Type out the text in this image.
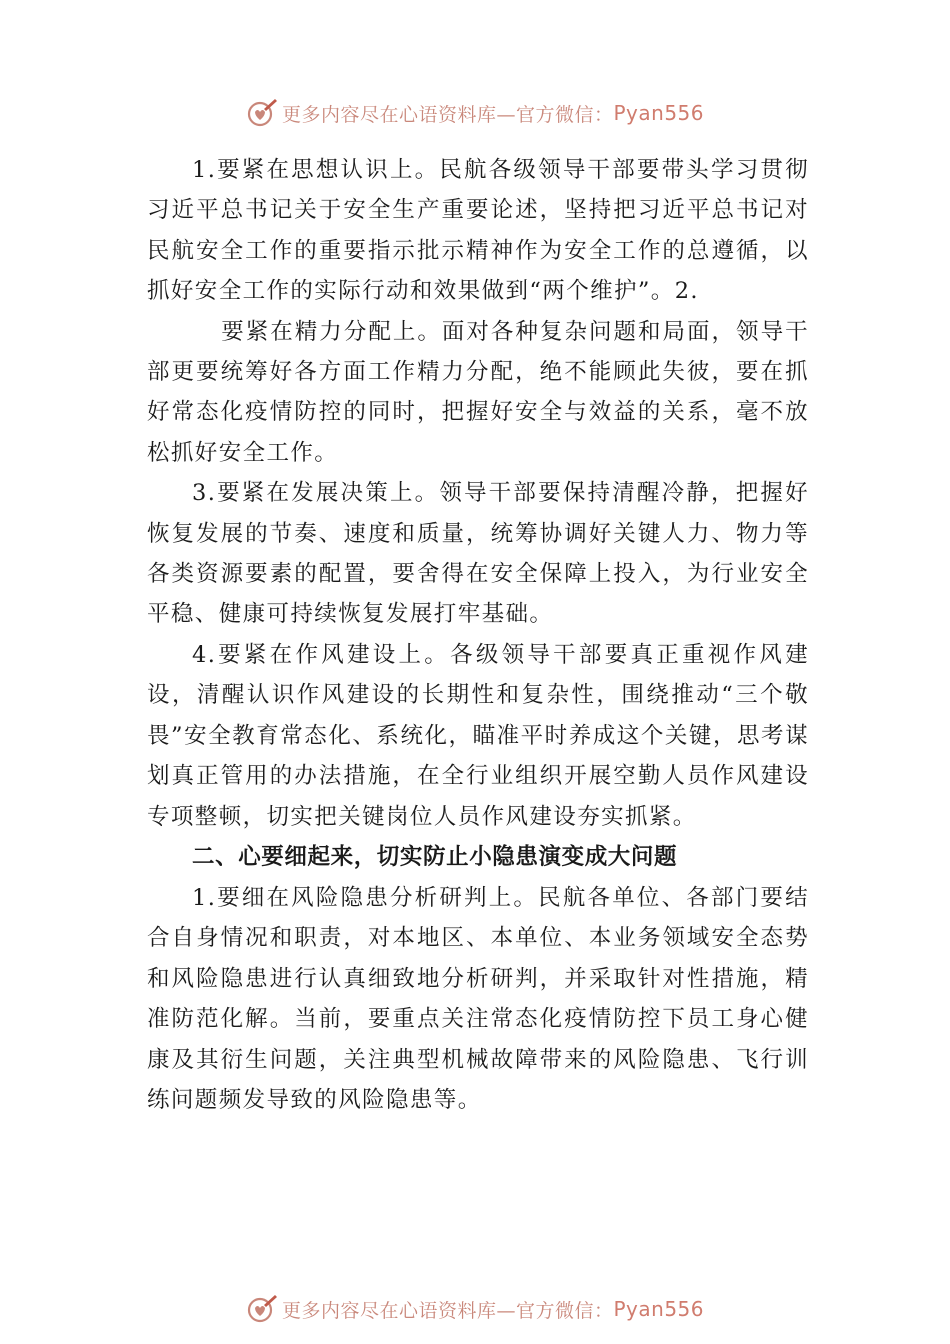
更多内容尽在心语资料库—官方微信： Pyan556

1.要紧在思想认识上。民航各级领导干部要带头学习贯彻习近平总书记关于安全生产重要论述，坚持把习近平总书记对民航安全工作的重要指示批示精神作为安全工作的总遵循，以抓好安全工作的实际行动和效果做到“两个维护”。2.

要紧在精力分配上。面对各种复杂问题和局面，领导干部更要统筹好各方面工作精力分配，绝不能顾此失彼，要在抓好常态化疫情防控的同时，把握好安全与效益的关系，毫不放松抓好安全工作。

3.要紧在发展决策上。领导干部要保持清醒冷静，把握好恢复发展的节奏、速度和质量，统筹协调好关键人力、物力等各类资源要素的配置，要舍得在安全保障上投入，为行业安全平稳、健康可持续恢复发展打牢基础。

4.要紧在作风建设上。各级领导干部要真正重视作风建设，清醒认识作风建设的长期性和复杂性，围绕推动“三个敬畏”安全教育常态化、系统化，瞄准平时养成这个关键，思考谋划真正管用的办法措施，在全行业组织开展空勤人员作风建设专项整顿，切实把关键岗位人员作风建设夯实抓紧。

二、心要细起来，切实防止小隐患演变成大问题

1.要细在风险隐患分析研判上。民航各单位、各部门要结合自身情况和职责，对本地区、本单位、本业务领域安全态势和风险隐患进行认真细致地分析研判，并采取针对性措施，精准防范化解。当前，要重点关注常态化疫情防控下员工身心健康及其衍生问题，关注典型机械故障带来的风险隐患、飞行训练问题频发导致的风险隐患等。

更多内容尽在心语资料库—官方微信： Pyan556
